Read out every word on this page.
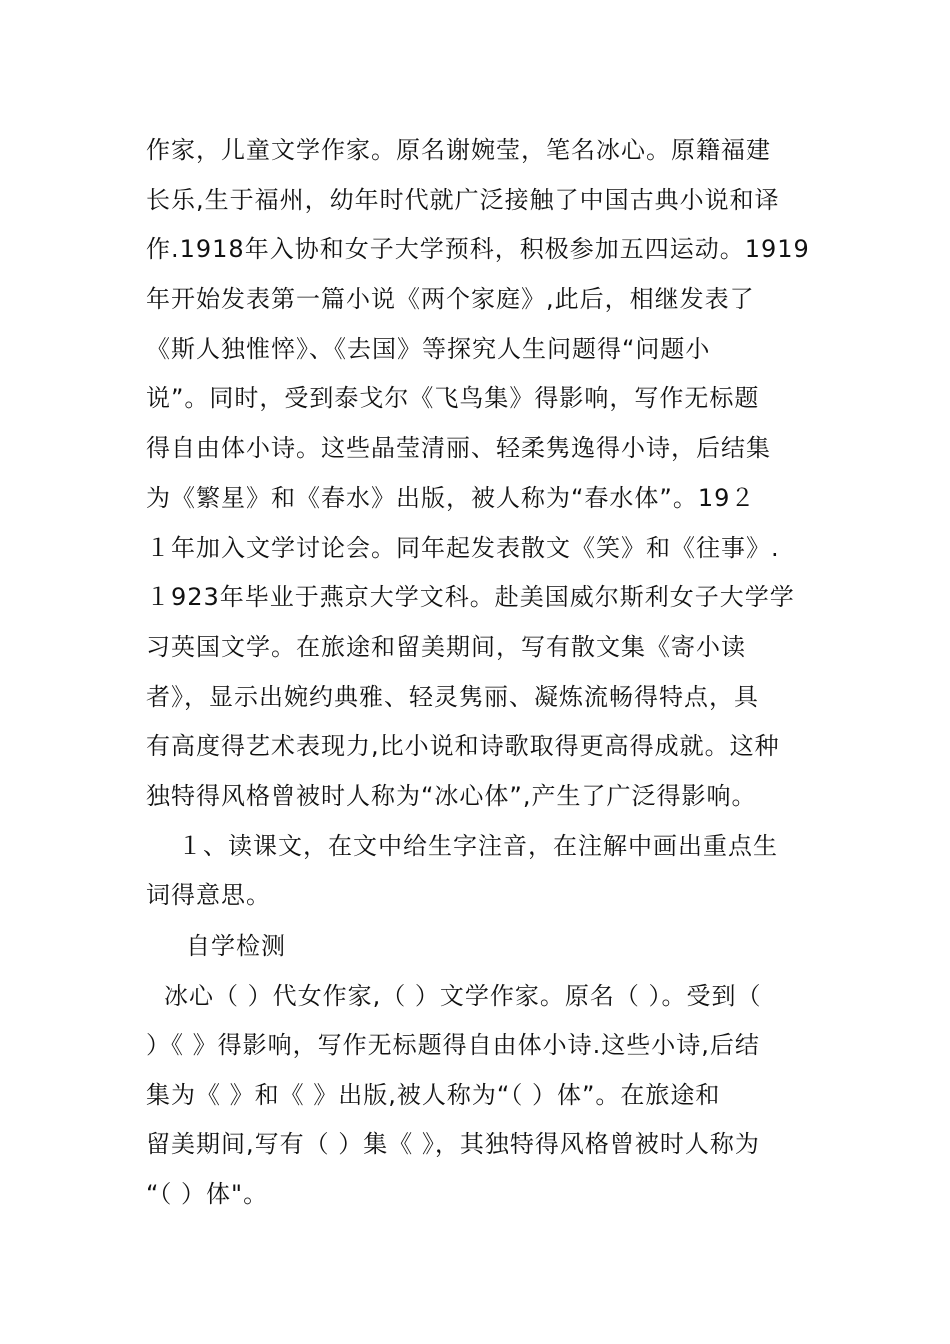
作家，儿童文学作家。原名谢婉莹，笔名冰心。原籍福建
长乐,生于福州，幼年时代就广泛接触了中国古典小说和译
作.1918年入协和女子大学预科，积极参加五四运动。1919
年开始发表第一篇小说《两个家庭》,此后，相继发表了
《斯人独惟悴》、《去国》等探究人生问题得“问题小
说”。同时，受到泰戈尔《飞鸟集》得影响，写作无标题
得自由体小诗。这些晶莹清丽、轻柔隽逸得小诗，后结集
为《繁星》和《春水》出版，被人称为“春水体”。19２
１年加入文学讨论会。同年起发表散文《笑》和《往事》.
１923年毕业于燕京大学文科。赴美国威尔斯利女子大学学
习英国文学。在旅途和留美期间，写有散文集《寄小读
者》，显示出婉约典雅、轻灵隽丽、凝炼流畅得特点，具
有高度得艺术表现力,比小说和诗歌取得更高得成就。这种
独特得风格曾被时人称为“冰心体”,产生了广泛得影响。
１、读课文，在文中给生字注音，在注解中画出重点生
词得意思。
自学检测
冰心（ ）代女作家,（ ）文学作家。原名（ ）。受到（
）《 》得影响，写作无标题得自由体小诗.这些小诗,后结
集为《 》和《 》出版,被人称为“（ ）体”。在旅途和
留美期间,写有（ ）集《 》，其独特得风格曾被时人称为
“（ ）体"。
